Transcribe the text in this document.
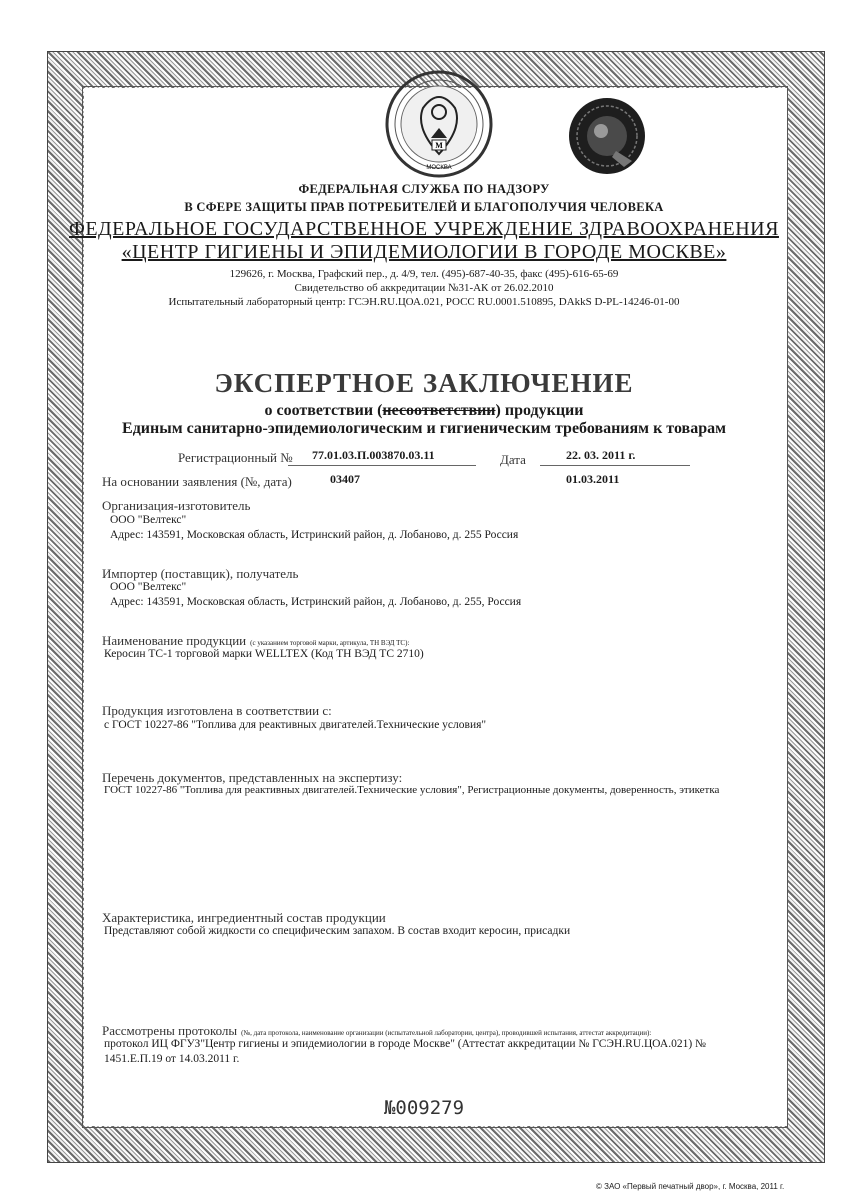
M
МОСКВА
ФЕДЕРАЛЬНАЯ СЛУЖБА ПО НАДЗОРУ
В СФЕРЕ ЗАЩИТЫ ПРАВ ПОТРЕБИТЕЛЕЙ И БЛАГОПОЛУЧИЯ ЧЕЛОВЕКА
ФЕДЕРАЛЬНОЕ ГОСУДАРСТВЕННОЕ УЧРЕЖДЕНИЕ ЗДРАВООХРАНЕНИЯ
«ЦЕНТР ГИГИЕНЫ И ЭПИДЕМИОЛОГИИ В ГОРОДЕ МОСКВЕ»
129626, г. Москва, Графский пер., д. 4/9, тел. (495)-687-40-35, факс (495)-616-65-69
Свидетельство об аккредитации №31-АК от 26.02.2010
Испытательный лабораторный центр: ГСЭН.RU.ЦОА.021, РОСС RU.0001.510895, DAkkS D-PL-14246-01-00
ЭКСПЕРТНОЕ ЗАКЛЮЧЕНИЕ
о соответствии (несоответствии) продукции
Единым санитарно-эпидемиологическим и гигиеническим требованиям к товарам
Регистрационный № 77.01.03.П.003870.03.11	Дата	22. 03. 2011 г.
На основании заявления (№, дата)	03407	01.03.2011
Организация-изготовитель
ООО "Велтекс"
Адрес: 143591, Московская область, Истринский район, д. Лобаново, д. 255 Россия
Импортер (поставщик), получатель
ООО "Велтекс"
Адрес: 143591, Московская область, Истринский район, д. Лобаново, д. 255, Россия
Наименование продукции (с указанием торговой марки, артикула, ТН ВЭД ТС):
Керосин ТС-1 торговой марки WELLTEX (Код ТН ВЭД ТС 2710)
Продукция изготовлена в соответствии с:
с ГОСТ 10227-86 "Топлива для реактивных двигателей.Технические условия"
Перечень документов, представленных на экспертизу:
ГОСТ 10227-86 "Топлива для реактивных двигателей.Технические условия", Регистрационные документы, доверенность, этикетка
Характеристика, ингредиентный состав продукции
Представляют собой жидкости со специфическим запахом. В состав входит керосин, присадки
Рассмотрены протоколы (№, дата протокола, наименование организации (испытательной лаборатории, центра), проводившей испытания, аттестат аккредитации):
протокол ИЦ ФГУЗ"Центр гигиены и эпидемиологии в городе Москве" (Аттестат аккредитации № ГСЭН.RU.ЦОА.021) №
1451.Е.П.19 от 14.03.2011 г.
№009279
© ЗАО «Первый печатный двор», г. Москва, 2011 г.
